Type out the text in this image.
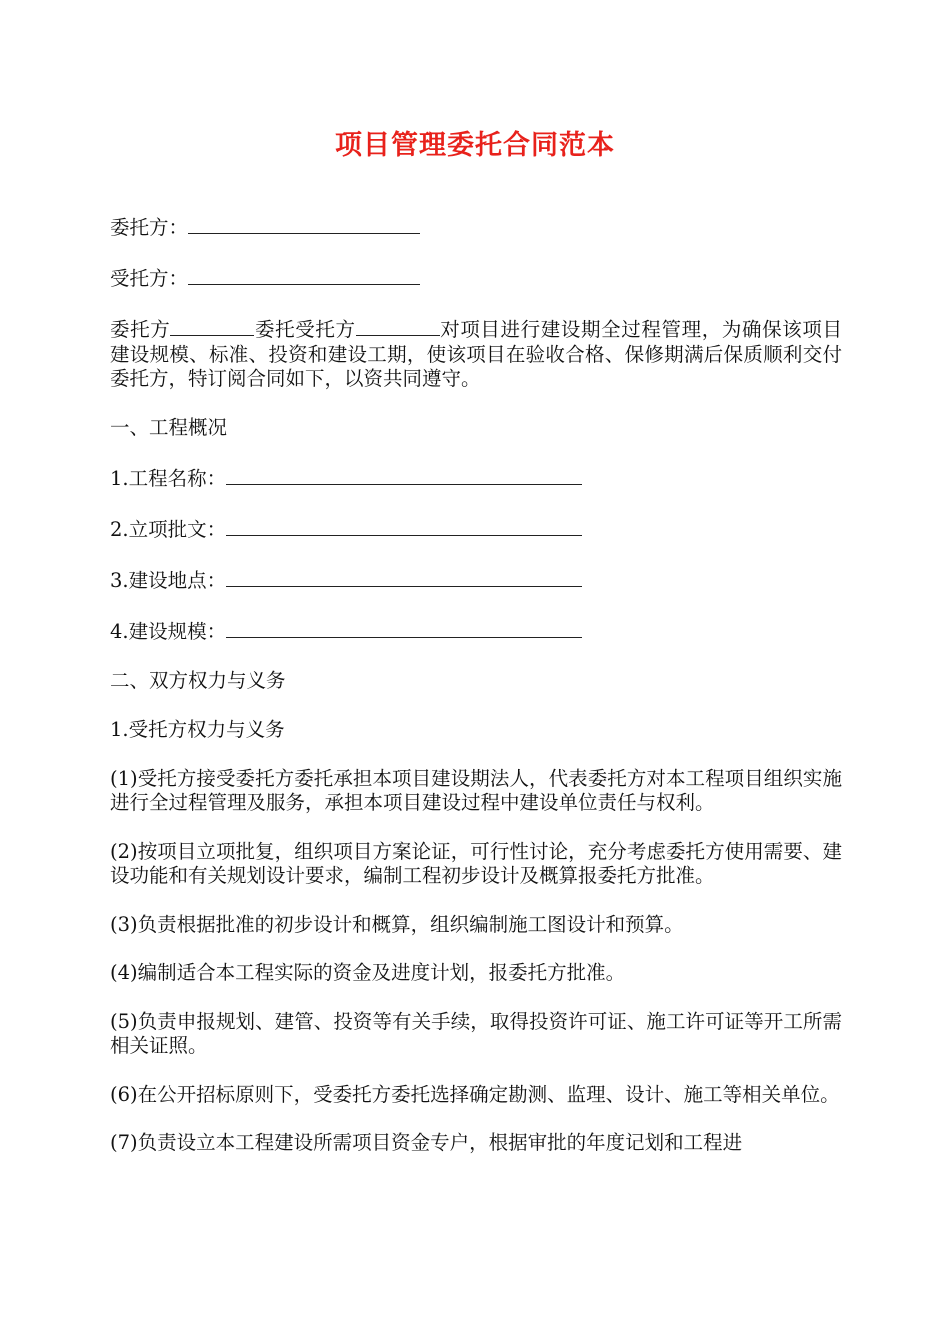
项目管理委托合同范本
委托方：
受托方：

委托方	委托受托方	对项目进行建设期全过程管理，为确保该项目建设规模、标准、投资和建设工期，使该项目在验收合格、保修期满后保质顺利交付委托方，特订阅合同如下，以资共同遵守。

一、工程概况
1.工程名称：
2.立项批文：
3.建设地点：
4.建设规模：
二、双方权力与义务
1.受托方权力与义务

(1)受托方接受委托方委托承担本项目建设期法人，代表委托方对本工程项目组织实施进行全过程管理及服务，承担本项目建设过程中建设单位责任与权利。

(2)按项目立项批复，组织项目方案论证，可行性讨论，充分考虑委托方使用需要、建设功能和有关规划设计要求，编制工程初步设计及概算报委托方批准。

(3)负责根据批准的初步设计和概算，组织编制施工图设计和预算。

(4)编制适合本工程实际的资金及进度计划，报委托方批准。

(5)负责申报规划、建管、投资等有关手续，取得投资许可证、施工许可证等开工所需相关证照。

(6)在公开招标原则下，受委托方委托选择确定勘测、监理、设计、施工等相关单位。

(7)负责设立本工程建设所需项目资金专户，根据审批的年度记划和工程进
